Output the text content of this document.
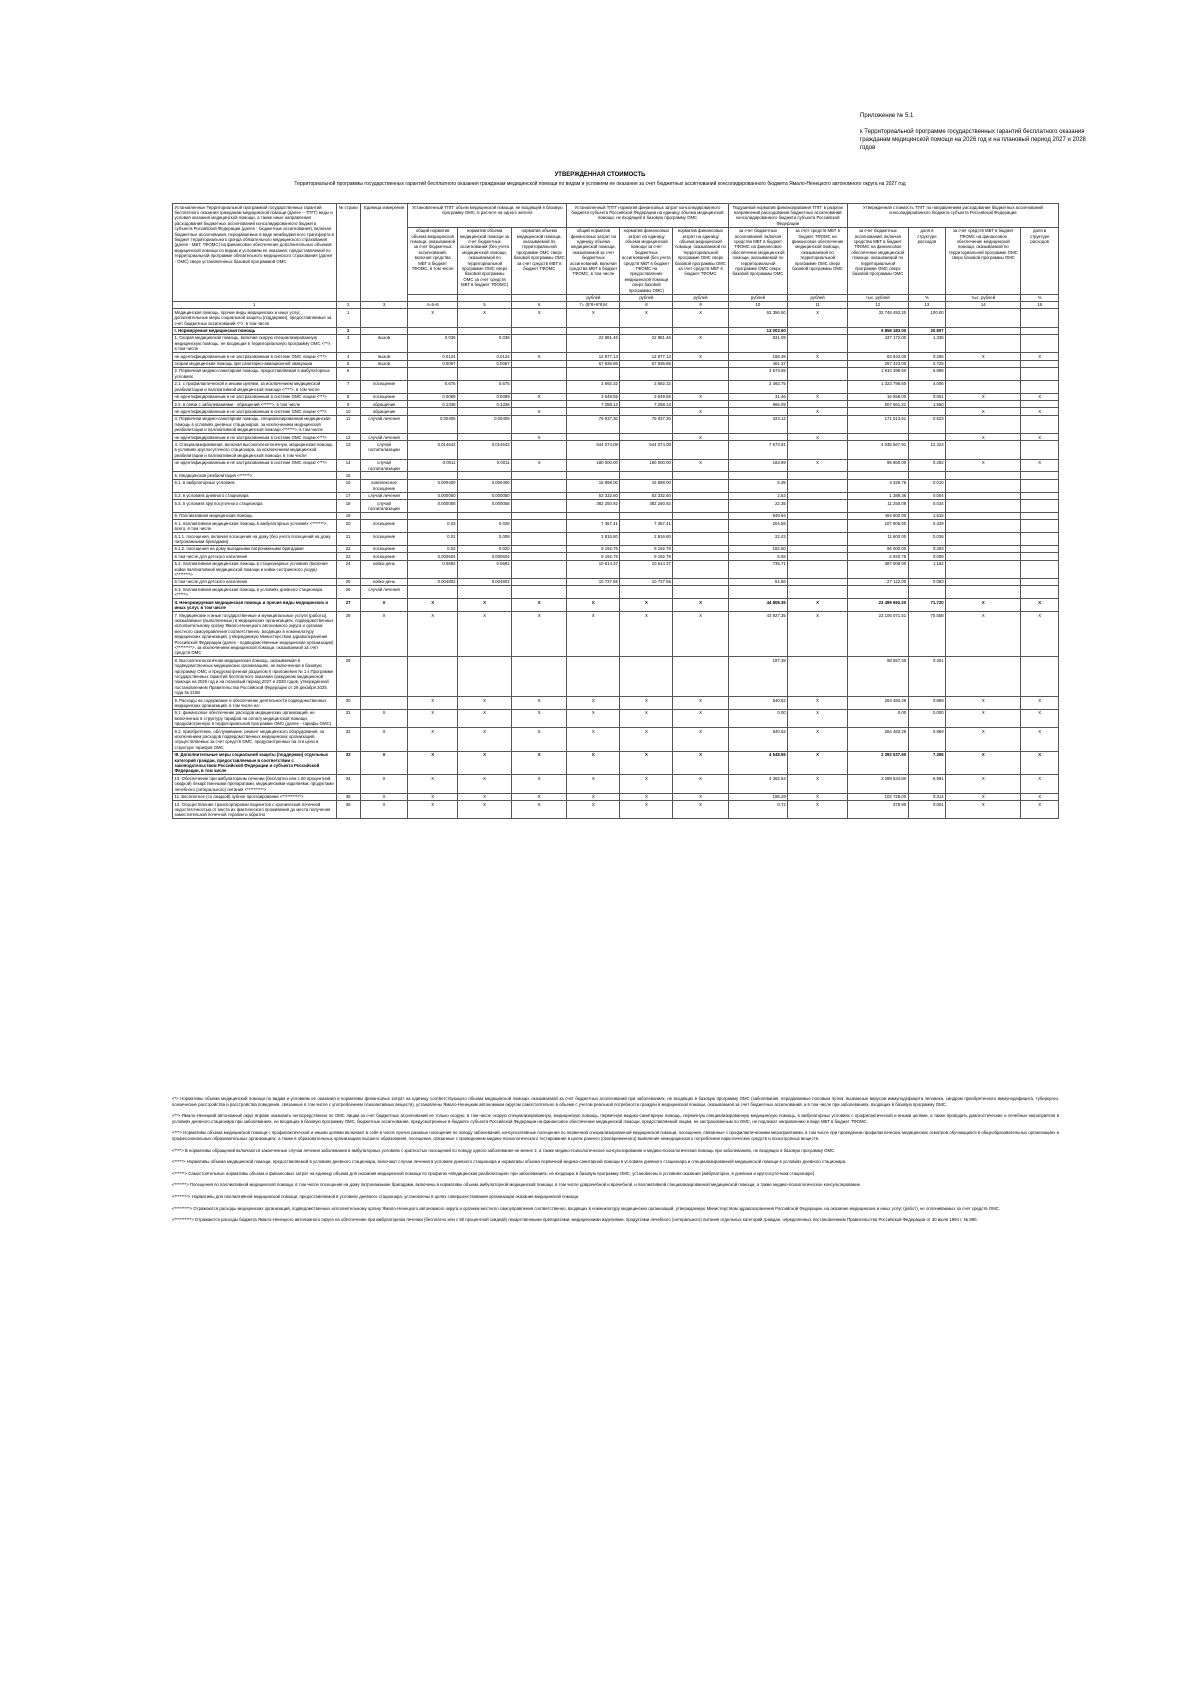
Приложение № 5.1
к Территориальной программе государственных гарантий бесплатного оказания гражданам медицинской помощи на 2026 год и на плановый период 2027 и 2028 годов
УТВЕРЖДЕННАЯ СТОИМОСТЬ
Территориальной программы государственных гарантий бесплатного оказания гражданам медицинской помощи по видам и условиям ее оказания за счет бюджетных ассигнований консолидированного бюджета Ямало-Ненецкого автономного округа на 2027 год
Установленные Территориальной программой государственных гарантий бесплатного оказания гражданам медицинской помощи (далее – ТПГГ) виды и условия оказания медицинской помощи, а также иные направления расходования бюджетных ассигнований консолидированного бюджета субъекта Российской Федерации (далее - бюджетные ассигнования), включая бюджетные ассигнования, передаваемые в виде межбюджетного трансферта в бюджет территориального фонда обязательного медицинского страхования (далее - МБТ, ТФОМС) на финансовое обеспечение дополнительных объемов медицинской помощи по видам и условиям ее оказания, предоставляемой по территориальной программе обязательного медицинского страхования (далее - ОМС) сверх установленных базовой программой ОМС	№ строки	Единица измерения	Установленный ТПГГ объем медицинской помощи, не входящей в базовую программу ОМС, в расчете на одного жителя			Установленный ТПГГ норматив финансовых затрат консолидированного бюджета субъекта Российской Федерации на единицу объема медицинской помощи, не входящей в базовую программу ОМС			Подушевой норматив финансирования ТПГГ в разрезе направлений расходования бюджетных ассигнований консолидированного бюджета субъекта Российской Федерации		Утвержденная стоимость ТПГГ по направлениям расходования бюджетных ассигнований консолидированного бюджета субъекта Российской Федерации			
			общий норматив объема медицинской помощи, оказываемой за счет бюджетных ассигнований, включая средства МБТ в бюджет ТФОМС, в том числе	норматив объема медицинской помощи за счет бюджетных ассигнований (без учета медицинской помощи, оказываемой по территориальной программе ОМС сверх базовой программы ОМС за счет средств МБТ в бюджет ТФОМС)	норматив объема медицинской помощи, оказываемой по территориальной программе ОМС сверх базовой программы ОМС за счет средств МБТ в бюджет ТФОМС	общий норматив финансовых затрат на единицу объема медицинской помощи, оказываемой за счет бюджетных ассигнований, включая средства МБТ в бюджет ТФОМС, в том числе	норматив финансовых затрат на единицу объема медицинской помощи за счет бюджетных ассигнований (без учета средств МБТ в бюджет ТФОМС на предоставление медицинской помощи сверх базовой программы ОМС)	норматив финансовых затрат на единицу объема медицинской помощи, оказываемой по территориальной программе ОМС сверх базовой программы ОМС за счет средств МБТ в бюджет ТФОМС	за счет бюджетных ассигнований, включая средства МБТ в бюджет ТФОМС на финансовое обеспечение медицинской помощи, оказываемой по территориальной программе ОМС сверх базовой программы ОМС	за счет средств МБТ в бюджет ТФОМС на финансовое обеспечение медицинской помощи, оказываемой по территориальной программе ОМС сверх базовой программы ОМС	за счет бюджетных ассигнований, включая средства МБТ в бюджет ТФОМС на финансовое обеспечение медицинской помощи, оказываемой по территориальной программе ОМС сверх базовой программы ОМС	доля в структуре расходов	за счет средств МБТ в бюджет ТФОМС на финансовое обеспечение медицинской помощи, оказываемой по территориальной программе ОМС сверх базовой программы ОМС	доля в структуре расходов
						рублей	рублей	рублей	рублей	рублей	тыс. рублей	%	тыс. рублей	%
1	2	3	4=5+6	5	6	7= (5*8+6*9)/4	8	9	10	11	12	13	14	15
Медицинская помощь, прочие виды медицинских и иных услуг, дополнительные меры социальной защиты (поддержки), предоставляемые за счет бюджетных ассигнований <*>, в том числе	1		X	X	X	X	X	X	62 356.50	X	32 748 492.20	100.00		
I. Нормируемая медицинская помощь	2								13 003.60		6 856 183.00	20.907		
1. Скорая медицинская помощь, включая скорую специализированную медицинскую помощь, не входящая в территориальную программу ОМС <**>, в том числе	3	вызов	0.036	0.036		22 881.46	22 881.46	X	831.09		437 172.00	1.335		
не идентифицированным и не застрахованным в системе ОМС лицам <***>	4	вызов	0.0124	0.0124	X	12 877.13	12 877.13	X	158.39	X	83 843.00	0.256	X	X
скорая медицинская помощь при санитарно-авиационной эвакуации	5	вызов	0.0067	0.0067		67 836.86	67 836.86		461.37		257 423.00	0.725		
2. Первичная медико-санитарная помощь, предоставляемая в амбулаторных условиях	6								3 673.65		1 910 398.60	5.898		
2.1. с профилактической и иными целями, за исключением медицинской реабилитации и паллиативной медицинской помощи <****>, в том числе	7	посещение	0.675	0.675		3 692.32	3 692.32		2 492.75		1 323 798.60	4.006		
не идентифицированным и не застрахованным в системе ОМС лицам <***>	8	посещение	0.0089	0.0089	X	3 549.55	3 549.55	X	31.46	X	16 558.00	0.051	X	X
2.2. в связи с заболеваниями - обращений <*****>, в том числе	9	обращение	0.1338	0.1338		7 258.13	7 258.13		965.09		507 661.21	1.550		
не идентифицированным и не застрахованным в системе ОМС лицам <***>	10	обращение			X			X		X			X	X
3. Первичная медико-санитарная помощь, специализированная медицинская помощь в условиях дневных стационаров, за исключением медицинской реабилитации и паллиативной медицинской помощи <******>, в том числе	11	случай лечения	0.00405	0.00405		79 937.30	79 937.30		323.12		171 013.61	0.523		
не идентифицированным и не застрахованным в системе ОМС лицам <***>	12	случай лечения			X			X		X			X	X
4. Специализированная, включая высокотехнологичную, медицинская помощь в условиях круглосуточного стационара, за исключением медицинской реабилитации и паллиативной медицинской помощи, в том числе	13	случай госпитализации	0.014642	0.014642		544 074.08	544 074.08		7 673.91		4 035 567.91	12.323		
не идентифицированным и не застрахованным в системе ОМС лицам <***>	14	случай госпитализации	0.0011	0.0011	X	180 000.00	180 000.00	X	183.89	X	95 860.00	0.292	X	X
5. Медицинская реабилитация <******>	15													
5.1. в амбулаторных условиях	16	комплексное посещение	0.000400	0.000400		15 898.00	15 898.00		6.35		3 328.76	0.010		
5.2. в условиях дневного стационара	17	случай лечения	0.000050	0.000050		53 332.60	53 332.60		2.63		1 389.36	0.004		
5.3. в условиях круглосуточного стационара	18	случай госпитализации	0.000058	0.000058		382 250.92	382 250.92		22.35		11 250.09	0.034		
6. Паллиативная медицинская помощь	19								948.84		494 800.00	1.515		
6.1. паллиативная медицинская помощь в амбулаторных условиях <*******>, всего, в том числе	20	посещение	0.03	0.028		7 367.41	7 367.41		204.59		107 806.00	0.329		
6.1.1. посещения, включая посещения на дому (без учета посещений на дому патронажными бригадами)	21	посещение	0.01	0.008		2 816.80	2 816.80		22.43		11 600.00	0.036		
6.1.2. посещения на дому выездными патронажными бригадами	22	посещение	0.02	0.020		9 192.76	9 192.76		182.50		96 000.00	0.293		
в том числе для детского населения	23	посещение	0.000604	0.000604		9 192.76	9 192.76		5.55		2 920.75	0.009		
6.2. паллиативная медицинская помощь в стационарных условиях (включая койки паллиативной медицинской помощи и койки сестринского ухода) <********>	24	койко-день	0.0692	0.0692		10 614.37	10 614.37		735.71		387 008.00	1.182		
в том числе для детского населения	25	койко-день	0.004802	0.004802		10 737.55	10 737.55		51.56		27 122.00	0.083		
6.3. паллиативная медицинская помощь в условиях дневного стационара <*****>	26	случай лечения												
II. Ненормируемая медицинская помощь и прочие виды медицинских и иных услуг, в том числе	27	X	X	X	X	X	X	X	44 808.35	X	23 499 692.20	71.720	X	X
7. Медицинские и иные государственные и муниципальные услуги (работы), оказываемые (выполняемые) в медицинских организациях, подведомственных исполнительному органу Ямало-Ненецкого автономного округа и органам местного самоуправления соответственно, входящих в номенклатуру медицинских организаций, утверждаемую Министерством здравоохранения Российской Федерации (далее - подведомственные медицинские организации) <*********>, за исключением медицинской помощи, оказываемой за счет средств ОМС	28	X	X	X	X	X	X	X	43 927.35	X	23 106 071.51	70.558	X	X
8. Высокотехнологичная медицинская помощь, оказываемая в подведомственных медицинских организациях, не включенная в базовую программу ОМС и предусмотренная разделом II приложения № 1 к Программе государственных гарантий бесплатного оказания гражданам медицинской помощи на 2026 год и на плановый период 2027 и 2028 годов, утвержденной постановлением Правительства Российской Федерации от 29 декабря 2025 года № 2188	29								187.38		98 557.40	0.301		
9. Расходы на содержание и обеспечение деятельности подведомственных медицинских организаций, в том числе на:	30		X	X	X	X	X	X	540.62	X	284 483.29	0.869	X	X
9.1. финансовое обеспечение расходов медицинских организаций, не включенных в структуру тарифов на оплату медицинской помощи, предусмотренную в территориальной программе ОМС (далее - тарифы ОМС)	31	X	X	X	X	X	X	X	0.00	X	0.00	0.000	X	X
9.2. приобретение, обслуживание, ремонт медицинского оборудования, за исключением расходов подведомственных медицинских организаций, осуществляемых за счет средств ОМС, предусмотренных на эти цели в структуре тарифов ОМС	32	X	X	X	X	X	X	X	540.62	X	284 483.29	0.869	X	X
III. Дополнительные меры социальной защиты (поддержки) отдельных категорий граждан, предоставляемые в соответствии с законодательством Российской Федерации и субъекта Российской Федерации, в том числе	33	X	X	X	X	X	X	X	4 548.55	X	2 392 537.60	7.306	X	X
10. Обеспечение при амбулаторном лечении (бесплатно или с 50 процентной скидкой) лекарственными препаратами, медицинскими изделиями, продуктами лечебного (энтерального) питания <**********>	34	X	X	X	X	X	X	X	4 352.54	X	2 289 534.80	6.991	X	X
11. Бесплатное (со скидкой) зубное протезирование <***********>	35	X	X	X	X	X	X	X	195.29	X	102 725.00	0.314	X	X
12. Осуществление транспортировки пациентов с хронической почечной недостаточностью от места их фактического проживания до места получения заместительной почечной терапии и обратно	36	X	X	X	X	X	X	X	0.72	X	378.80	0.001	X	X

<*> Нормативы объема медицинской помощи по видам и условиям ее оказания и нормативы финансовых затрат на единицу соответствующего объема медицинской помощи, оказываемой за счет бюджетных ассигнований при заболеваниях, не входящих в базовую программу ОМС (заболевания, передаваемые половым путем, вызванные вирусом иммунодефицита человека, синдром приобретенного иммунодефицита, туберкулез, психические расстройства и расстройства поведения, связанные в том числе с употреблением психоактивных веществ), установлены Ямало-Ненецким автономным округом самостоятельно в объеме с учетом реальной потребности граждан в медицинской помощи, оказываемой за счет бюджетных ассигнований, и в том числе при заболеваниях, входящих в базовую программу ОМС.

<**> Ямало-Ненецкий автономный округ вправе оказывать непосредственно по ОМС лицам за счет бюджетных ассигнований не только скорую, в том числе скорую специализированную, медицинскую помощь, первичную медико-санитарную помощь, первичную специализированную медицинскую помощь, в амбулаторных условиях с профилактической и иными целями, а также проводить диагностические и лечебные мероприятия в условиях дневного стационара при заболеваниях, не входящих в базовую программу ОМС, бюджетные ассигнования, предусмотренные в бюджете субъекта Российской Федерации на финансовое обеспечение медицинской помощи, предоставляемой лицам, не застрахованным по ОМС, не подлежат направлению в виде МБТ в бюджет ТФОМС.

<***> Нормативы объема медицинской помощи с профилактической и иными целями включают в себя в числе прочих разовые посещения по поводу заболеваний, консультативные посещения по первичной специализированной медицинской помощи, посещения, связанные с профилактическими мероприятиями, в том числе при проведении профилактических медицинских осмотров обучающихся в общеобразовательных организациях и профессиональных образовательных организациях, а также в образовательных организациях высшего образования, посещения, связанные с проведением медико-психологического тестирования в целях раннего (своевременного) выявления немедицинского потребления наркотических средств и психотропных веществ.

<****> В нормативы обращений включаются законченные случаи лечения заболевания в амбулаторных условиях с кратностью посещений по поводу одного заболевания не менее 2, а также медико-психологическое консультирование и медико-психологическая помощь при заболеваниях, не входящих в базовую программу ОМС.

<*****> Нормативы объема медицинской помощи, предоставляемой в условиях дневного стационара, включают случаи лечения в условиях дневного стационара и нормативы объема первичной медико-санитарной помощи в условиях дневного стационара и специализированной медицинской помощи в условиях дневного стационара.

<******> Самостоятельные нормативы объема и финансовых затрат на единицу объема для оказания медицинской помощи по профилю «Медицинская реабилитация» при заболеваниях, не входящих в базовую программу ОМС, установлены в условиях оказания (амбулаторно, в дневном и круглосуточном стационаре).

<*******> Посещения по паллиативной медицинской помощи, в том числе посещения на дому патронажными бригадами, включены в нормативы объема амбулаторной медицинской помощи, в том числе доврачебной и врачебной, и паллиативной специализированной медицинской помощи, а также медико-психологическое консультирование.

<********> Нормативы для паллиативной медицинской помощи, предоставляемой в условиях дневного стационара, установлены в целях совершенствования организации оказания медицинской помощи.

<*********> Отражаются расходы медицинских организаций, подведомственных исполнительному органу Ямало-Ненецкого автономного округа и органам местного самоуправления соответственно, входящих в номенклатуру медицинских организаций, утверждаемую Министерством здравоохранения Российской Федерации, на оказание медицинских и иных услуг (работ), не оплачиваемых за счет средств ОМС.

<**********> Отражаются расходы бюджета Ямало-Ненецкого автономного округа на обеспечение при амбулаторном лечении (бесплатно или с 50 процентной скидкой) лекарственными препаратами, медицинскими изделиями, продуктами лечебного (энтерального) питания отдельных категорий граждан, определенных постановлением Правительства Российской Федерации от 30 июля 1994 г. № 890.
